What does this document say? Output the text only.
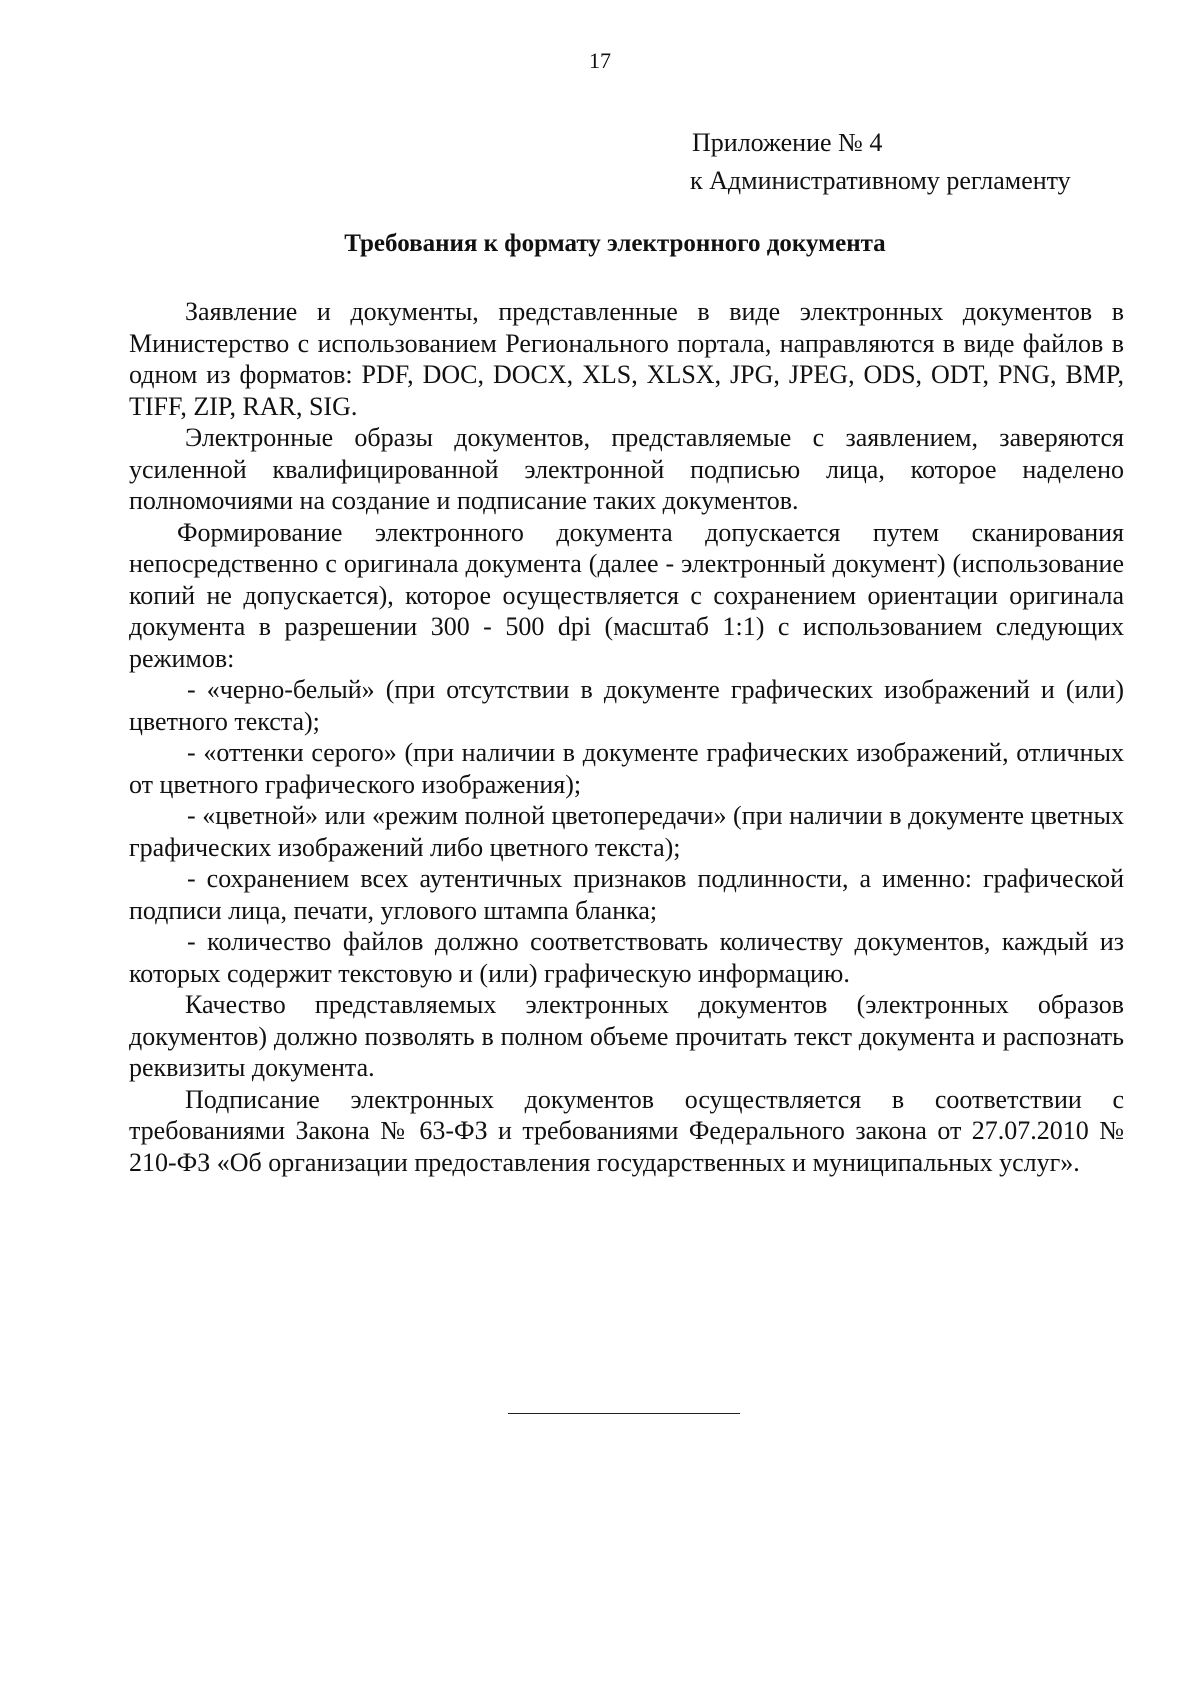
17
Приложение № 4
к Административному регламенту
Требования к формату электронного документа

Заявление и документы, представленные в виде электронных документов в Министерство с использованием Регионального портала, направляются в виде файлов в одном из форматов: PDF, DOC, DOCX, XLS, XLSX, JPG, JPEG, ODS, ODT, PNG, BMP, TIFF, ZIP, RAR, SIG.

Электронные образы документов, представляемые с заявлением, заверяются усиленной квалифицированной электронной подписью лица, которое наделено полномочиями на создание и подписание таких документов.

Формирование электронного документа допускается путем сканирования непосредственно с оригинала документа (далее - электронный документ) (использование копий не допускается), которое осуществляется с сохранением ориентации оригинала документа в разрешении 300 - 500 dpi (масштаб 1:1) с использованием следующих режимов:

- «черно-белый» (при отсутствии в документе графических изображений и (или) цветного текста);

- «оттенки серого» (при наличии в документе графических изображений, отличных от цветного графического изображения);

- «цветной» или «режим полной цветопередачи» (при наличии в документе цветных графических изображений либо цветного текста);

- сохранением всех аутентичных признаков подлинности, а именно: графической подписи лица, печати, углового штампа бланка;

- количество файлов должно соответствовать количеству документов, каждый из которых содержит текстовую и (или) графическую информацию.

Качество представляемых электронных документов (электронных образов документов) должно позволять в полном объеме прочитать текст документа и распознать реквизиты документа.

Подписание электронных документов осуществляется в соответствии с требованиями Закона № 63-ФЗ и требованиями Федерального закона от 27.07.2010 № 210-ФЗ «Об организации предоставления государственных и муниципальных услуг».
